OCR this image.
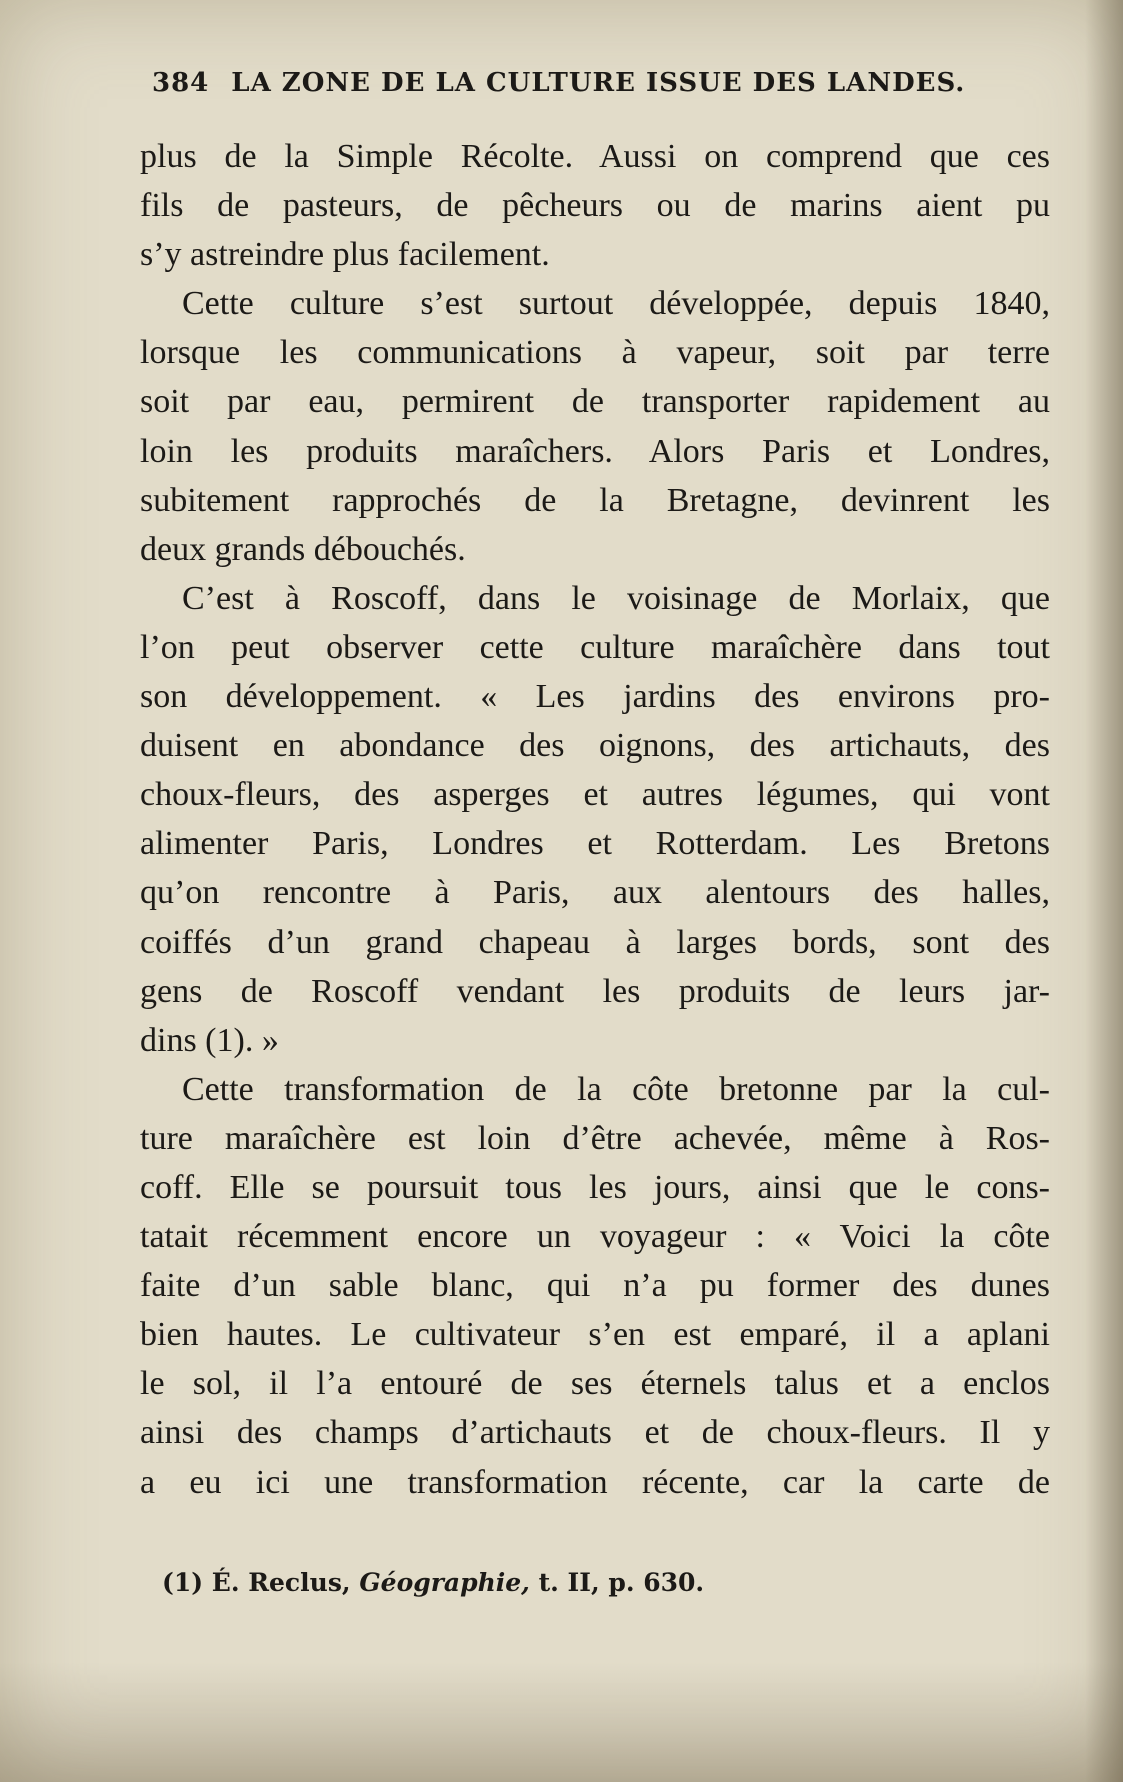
384 LA ZONE DE LA CULTURE ISSUE DES LANDES.
plus de la Simple Récolte. Aussi on comprend que ces
fils de pasteurs, de pêcheurs ou de marins aient pu
s’y astreindre plus facilement.
Cette culture s’est surtout développée, depuis 1840,
lorsque les communications à vapeur, soit par terre
soit par eau, permirent de transporter rapidement au
loin les produits maraîchers. Alors Paris et Londres,
subitement rapprochés de la Bretagne, devinrent les
deux grands débouchés.
C’est à Roscoff, dans le voisinage de Morlaix, que
l’on peut observer cette culture maraîchère dans tout
son développement. « Les jardins des environs pro-
duisent en abondance des oignons, des artichauts, des
choux-fleurs, des asperges et autres légumes, qui vont
alimenter Paris, Londres et Rotterdam. Les Bretons
qu’on rencontre à Paris, aux alentours des halles,
coiffés d’un grand chapeau à larges bords, sont des
gens de Roscoff vendant les produits de leurs jar-
dins (1). »
Cette transformation de la côte bretonne par la cul-
ture maraîchère est loin d’être achevée, même à Ros-
coff. Elle se poursuit tous les jours, ainsi que le cons-
tatait récemment encore un voyageur : « Voici la côte
faite d’un sable blanc, qui n’a pu former des dunes
bien hautes. Le cultivateur s’en est emparé, il a aplani
le sol, il l’a entouré de ses éternels talus et a enclos
ainsi des champs d’artichauts et de choux-fleurs. Il y
a eu ici une transformation récente, car la carte de
(1) É. Reclus, Géographie, t. II, p. 630.
